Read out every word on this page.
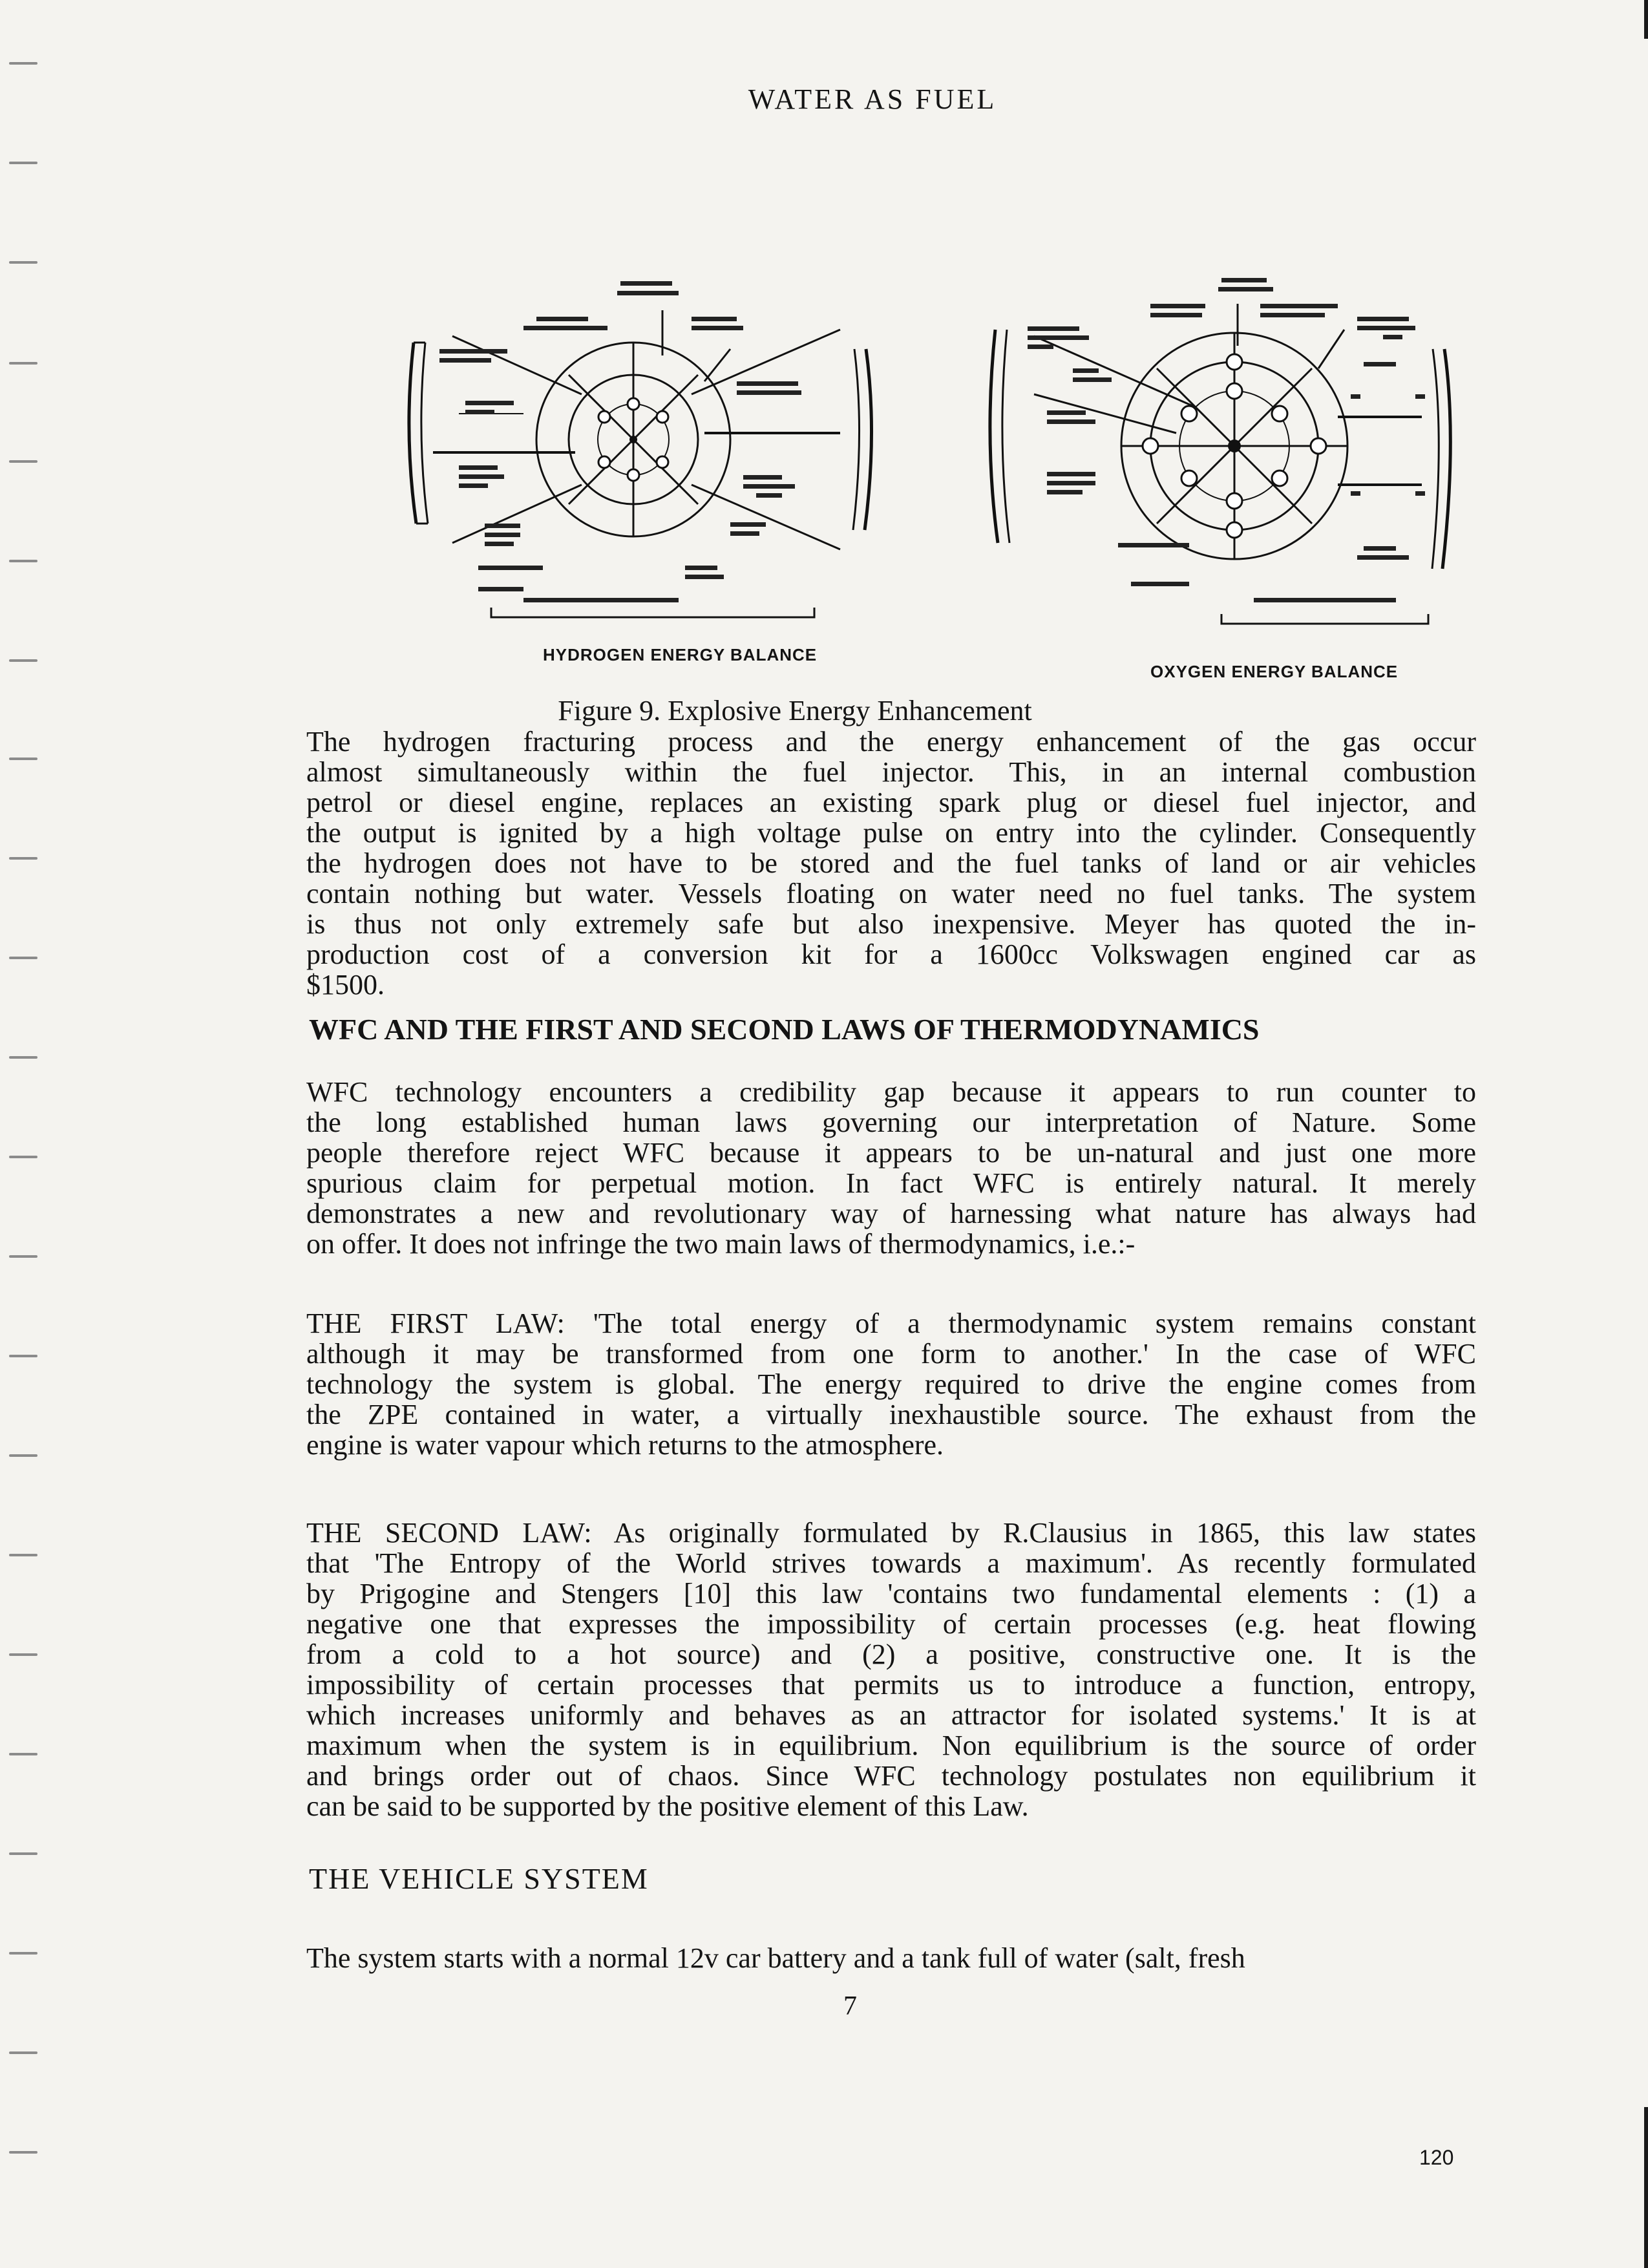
WATER AS FUEL
HYDROGEN ENERGY BALANCE
OXYGEN ENERGY BALANCE
Figure 9. Explosive Energy Enhancement
The hydrogen fracturing process and the energy enhancement of the gas occur
almost simultaneously within the fuel injector. This, in an internal combustion
petrol or diesel engine, replaces an existing spark plug or diesel fuel injector, and
the output is ignited by a high voltage pulse on entry into the cylinder. Consequently
the hydrogen does not have to be stored and the fuel tanks of land or air vehicles
contain nothing but water. Vessels floating on water need no fuel tanks. The system
is thus not only extremely safe but also inexpensive. Meyer has quoted the in-
production cost of a conversion kit for a 1600cc Volkswagen engined car as
$1500.
WFC AND THE FIRST AND SECOND LAWS OF THERMODYNAMICS
WFC technology encounters a credibility gap because it appears to run counter to
the long established human laws governing our interpretation of Nature. Some
people therefore reject WFC because it appears to be un-natural and just one more
spurious claim for perpetual motion. In fact WFC is entirely natural. It merely
demonstrates a new and revolutionary way of harnessing what nature has always had
on offer. It does not infringe the two main laws of thermodynamics, i.e.:-
THE FIRST LAW: 'The total energy of a thermodynamic system remains constant
although it may be transformed from one form to another.' In the case of WFC
technology the system is global. The energy required to drive the engine comes from
the ZPE contained in water, a virtually inexhaustible source. The exhaust from the
engine is water vapour which returns to the atmosphere.
THE SECOND LAW: As originally formulated by R.Clausius in 1865, this law states
that 'The Entropy of the World strives towards a maximum'. As recently formulated
by Prigogine and Stengers [10] this law 'contains two fundamental elements : (1) a
negative one that expresses the impossibility of certain processes (e.g. heat flowing
from a cold to a hot source) and (2) a positive, constructive one. It is the
impossibility of certain processes that permits us to introduce a function, entropy,
which increases uniformly and behaves as an attractor for isolated systems.' It is at
maximum when the system is in equilibrium. Non equilibrium is the source of order
and brings order out of chaos. Since WFC technology postulates non equilibrium it
can be said to be supported by the positive element of this Law.
THE VEHICLE SYSTEM
The system starts with a normal 12v car battery and a tank full of water (salt, fresh
7
120
